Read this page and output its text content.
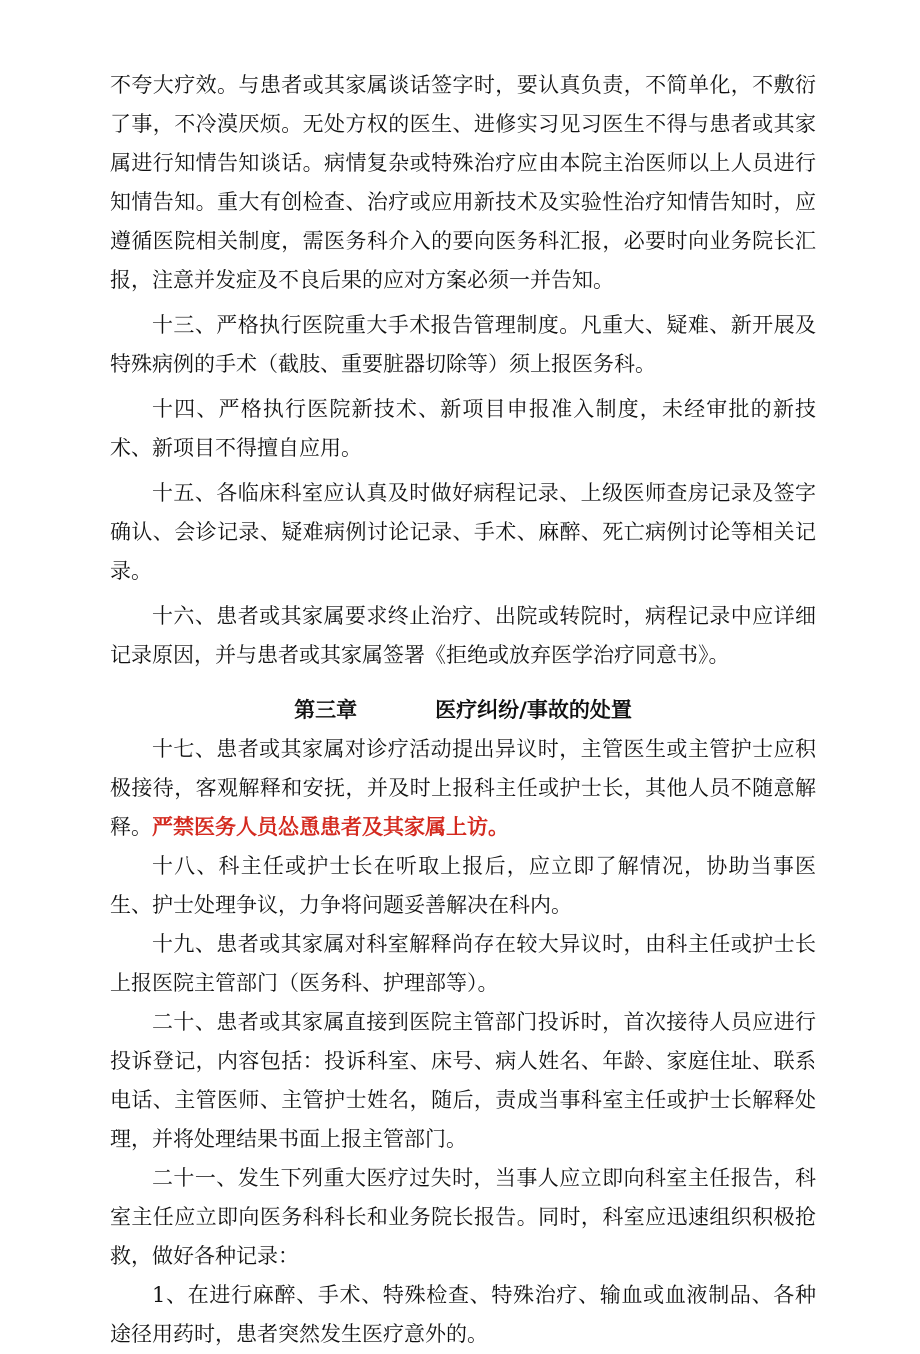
不夸大疗效。与患者或其家属谈话签字时，要认真负责，不简单化，不敷衍了事，不冷漠厌烦。无处方权的医生、进修实习见习医生不得与患者或其家属进行知情告知谈话。病情复杂或特殊治疗应由本院主治医师以上人员进行知情告知。重大有创检查、治疗或应用新技术及实验性治疗知情告知时，应遵循医院相关制度，需医务科介入的要向医务科汇报，必要时向业务院长汇报，注意并发症及不良后果的应对方案必须一并告知。

十三、严格执行医院重大手术报告管理制度。凡重大、疑难、新开展及特殊病例的手术（截肢、重要脏器切除等）须上报医务科。

十四、严格执行医院新技术、新项目申报准入制度，未经审批的新技术、新项目不得擅自应用。

十五、各临床科室应认真及时做好病程记录、上级医师查房记录及签字确认、会诊记录、疑难病例讨论记录、手术、麻醉、死亡病例讨论等相关记录。

十六、患者或其家属要求终止治疗、出院或转院时，病程记录中应详细记录原因，并与患者或其家属签署《拒绝或放弃医学治疗同意书》。

第三章	医疗纠纷/事故的处置

十七、患者或其家属对诊疗活动提出异议时，主管医生或主管护士应积极接待，客观解释和安抚，并及时上报科主任或护士长，其他人员不随意解释。严禁医务人员怂恿患者及其家属上访。

十八、科主任或护士长在听取上报后，应立即了解情况，协助当事医生、护士处理争议，力争将问题妥善解决在科内。

十九、患者或其家属对科室解释尚存在较大异议时，由科主任或护士长上报医院主管部门（医务科、护理部等）。

二十、患者或其家属直接到医院主管部门投诉时，首次接待人员应进行投诉登记，内容包括：投诉科室、床号、病人姓名、年龄、家庭住址、联系电话、主管医师、主管护士姓名，随后，责成当事科室主任或护士长解释处理，并将处理结果书面上报主管部门。

二十一、发生下列重大医疗过失时，当事人应立即向科室主任报告，科室主任应立即向医务科科长和业务院长报告。同时，科室应迅速组织积极抢救，做好各种记录：

1、在进行麻醉、手术、特殊检查、特殊治疗、输血或血液制品、各种途径用药时，患者突然发生医疗意外的。
